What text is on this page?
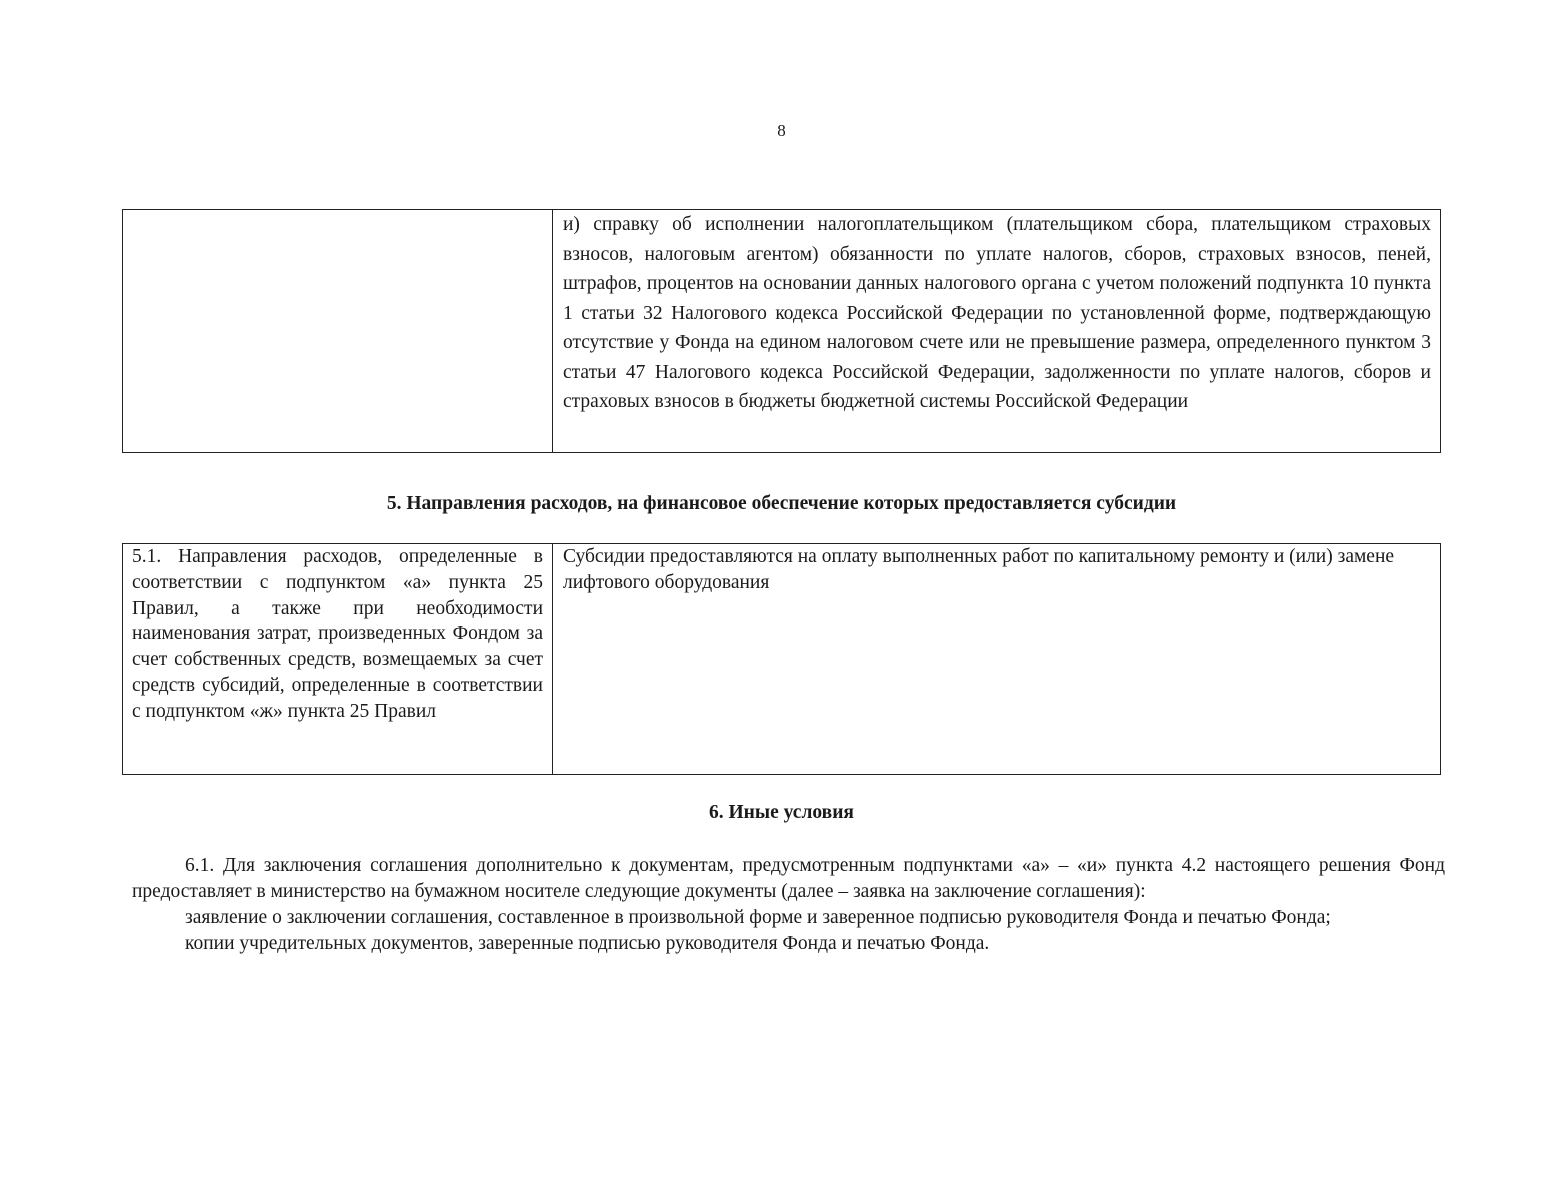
8
	и) справку об исполнении налогоплательщиком (плательщиком сбора, плательщиком страховых взносов, налоговым агентом) обязанности по уплате налогов, сборов, страховых взносов, пеней, штрафов, процентов на основании данных налогового органа с учетом положений подпункта 10 пункта 1 статьи 32 Налогового кодекса Российской Федерации по установленной форме, подтверждающую отсутствие у Фонда на едином налоговом счете или не превышение размера, определенного пунктом 3 статьи 47 Налогового кодекса Российской Федерации, задолженности по уплате налогов, сборов и страховых взносов в бюджеты бюджетной системы Российской Федерации
5. Направления расходов, на финансовое обеспечение которых предоставляется субсидии
5.1. Направления расходов, определенные в соответствии с подпунктом «а» пункта 25 Правил, а также при необходимости наименования затрат, произведенных Фондом за счет собственных средств, возмещаемых за счет средств субсидий, определенные в соответствии с подпунктом «ж» пункта 25 Правил	Субсидии предоставляются на оплату выполненных работ по капитальному ремонту и (или) замене лифтового оборудования
6. Иные условия

6.1. Для заключения соглашения дополнительно к документам, предусмотренным подпунктами «а» – «и» пункта 4.2 настоящего решения Фонд предоставляет в министерство на бумажном носителе следующие документы (далее – заявка на заключение соглашения):

заявление о заключении соглашения, составленное в произвольной форме и заверенное подписью руководителя Фонда и печатью Фонда;

копии учредительных документов, заверенные подписью руководителя Фонда и печатью Фонда.
